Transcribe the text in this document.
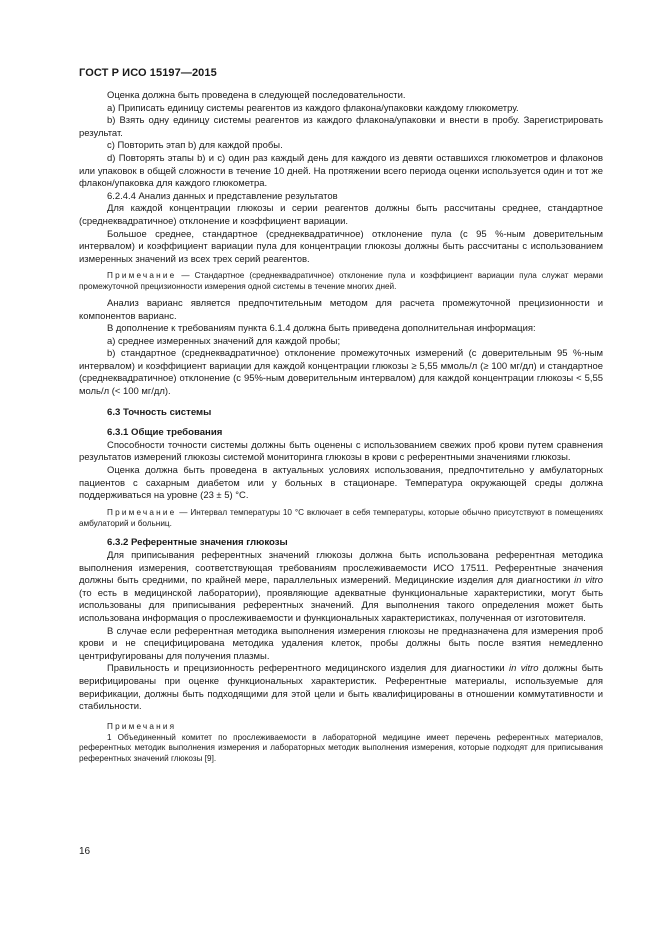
ГОСТ Р ИСО 15197—2015

Оценка должна быть проведена в следующей последовательности.

а) Приписать единицу системы реагентов из каждого флакона/упаковки каждому глюкометру.

b) Взять одну единицу системы реагентов из каждого флакона/упаковки и внести в пробу. Зарегистрировать результат.

c) Повторить этап b) для каждой пробы.

d) Повторять этапы b) и c) один раз каждый день для каждого из девяти оставшихся глюкометров и флаконов или упаковок в общей сложности в течение 10 дней. На протяжении всего периода оценки используется один и тот же флакон/упаковка для каждого глюкометра.

6.2.4.4 Анализ данных и представление результатов

Для каждой концентрации глюкозы и серии реагентов должны быть рассчитаны среднее, стандартное (среднеквадратичное) отклонение и коэффициент вариации.

Большое среднее, стандартное (среднеквадратичное) отклонение пула (с 95 %-ным доверительным интервалом) и коэффициент вариации пула для концентрации глюкозы должны быть рассчитаны с использованием измеренных значений из всех трех серий реагентов.

Примечание — Стандартное (среднеквадратичное) отклонение пула и коэффициент вариации пула служат мерами промежуточной прецизионности измерения одной системы в течение многих дней.

Анализ варианс является предпочтительным методом для расчета промежуточной прецизионности и компонентов варианс.

В дополнение к требованиям пункта 6.1.4 должна быть приведена дополнительная информация:

а) среднее измеренных значений для каждой пробы;

b) стандартное (среднеквадратичное) отклонение промежуточных измерений (с доверительным 95 %-ным интервалом) и коэффициент вариации для каждой концентрации глюкозы ≥ 5,55 ммоль/л (≥ 100 мг/дл) и стандартное (среднеквадратичное) отклонение (с 95%-ным доверительным интервалом) для каждой концентрации глюкозы < 5,55 моль/л (< 100 мг/дл).

6.3 Точность системы

6.3.1 Общие требования

Способности точности системы должны быть оценены с использованием свежих проб крови путем сравнения результатов измерений глюкозы системой мониторинга глюкозы в крови с референтными значениями глюкозы.

Оценка должна быть проведена в актуальных условиях использования, предпочтительно у амбулаторных пациентов с сахарным диабетом или у больных в стационаре. Температура окружающей среды должна поддерживаться на уровне (23 ± 5) °С.

Примечание — Интервал температуры 10 °С включает в себя температуры, которые обычно присутствуют в помещениях амбулаторий и больниц.

6.3.2 Референтные значения глюкозы

Для приписывания референтных значений глюкозы должна быть использована референтная методика выполнения измерения, соответствующая требованиям прослеживаемости ИСО 17511. Референтные значения должны быть средними, по крайней мере, параллельных измерений. Медицинские изделия для диагностики in vitro (то есть в медицинской лаборатории), проявляющие адекватные функциональные характеристики, могут быть использованы для приписывания референтных значений. Для выполнения такого определения может быть использована информация о прослеживаемости и функциональных характеристиках, полученная от изготовителя.

В случае если референтная методика выполнения измерения глюкозы не предназначена для измерения проб крови и не специфицирована методика удаления клеток, пробы должны быть после взятия немедленно центрифугированы для получения плазмы.

Правильность и прецизионность референтного медицинского изделия для диагностики in vitro должны быть верифицированы при оценке функциональных характеристик. Референтные материалы, используемые для верификации, должны быть подходящими для этой цели и быть квалифицированы в отношении коммутативности и стабильности.

Примечания

1 Объединенный комитет по прослеживаемости в лабораторной медицине имеет перечень референтных материалов, референтных методик выполнения измерения и лабораторных методик выполнения измерения, которые подходят для приписывания референтных значений глюкозы [9].

16
